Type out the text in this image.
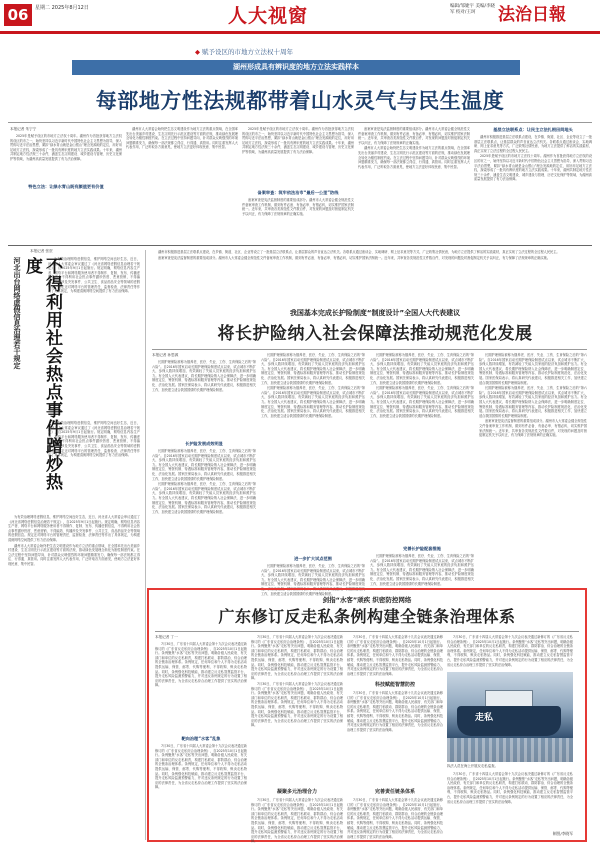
06	星期二 2025年8月12日	人大视窗	编辑/邹婕宇 美编/李晓军 校对/王珂	法治日報
◆ 赋予设区的市地方立法权十周年
湖州形成具有辨识度的地方立法实践样本
每部地方性法规都带着山水灵气与民生温度
本报记者 朱宁宁

2025年是赋予设区的市地方立法权十周年。湖州作为首批获得地方立法权的设区的市之一，始终坚持以习近平新时代中国特色社会主义思想为指导，深入贯彻习近平法治思想，紧扣“绿水青山就是金山银山”理念发源地的定位，用好用足地方立法权，探索形成了一批具有辨识度的地方立法实践成果。十年来，湖州共制定地方性法规三十余件，涵盖生态文明建设、城乡建设与管理、历史文化保护等领域，为湖州高质量发展提供了有力法治保障。

特色立法：让绿水青山既有颜值更有价值

湖州市人大常委会始终把生态文明建设作为地方立法的重点领域，在全国率先出台美丽乡村建设、生态文明先行示范区建设等方面的法规，推动绿色发展理念转化为刚性制度约束。在立法过程中坚持问题导向，针对群众反映强烈的环境问题精准发力，确保每一部法规都立得住、行得通、真管用。同时注重发挥人大代表作用，广泛听取各方面意见，使地方立法更好体现民意、集中民智。

2025年是赋予设区的市地方立法权十周年。湖州作为首批获得地方立法权的设区的市之一，始终坚持以习近平新时代中国特色社会主义思想为指导，深入贯彻习近平法治思想，紧扣“绿水青山就是金山银山”理念发源地的定位，用好用足地方立法权，探索形成了一批具有辨识度的地方立法实践成果。十年来，湖州共制定地方性法规三十余件，涵盖生态文明建设、城乡建设与管理、历史文化保护等领域，为湖州高质量发展提供了有力法治保障。

备案审查：筑牢依法治市“最后一公里”防线

备案审查是宪法监督制度的重要组成部分。湖州市人大常委会健全规范性文件备案审查工作机制，做到有件必备、有备必审、有错必纠，切实维护国家法制统一。近年来，共审查各类规范性文件数百件，对发现的问题及时督促制定机关予以纠正，有力保障了法规规章的正确实施。

备案审查是宪法监督制度的重要组成部分。湖州市人大常委会健全规范性文件备案审查工作机制，做到有件必备、有备必审、有错必纠，切实维护国家法制统一。近年来，共审查各类规范性文件数百件，对发现的问题及时督促制定机关予以纠正，有力保障了法规规章的正确实施。

湖州市人大常委会始终把生态文明建设作为地方立法的重点领域，在全国率先出台美丽乡村建设、生态文明先行示范区建设等方面的法规，推动绿色发展理念转化为刚性制度约束。在立法过程中坚持问题导向，针对群众反映强烈的环境问题精准发力，确保每一部法规都立得住、行得通、真管用。同时注重发挥人大代表作用，广泛听取各方面意见，使地方立法更好体现民意、集中民智。

基层立法联系点：让民主立法扎根田间地头

湖州市积极推进基层立法联系点建设，在乡镇、街道、社区、企业等设立了一批基层立法联系点，让基层群众的声音直达立法机关。各联系点通过座谈会、实地调研、网上征求意见等方式，广泛收集社情民意，为地方立法提供了鲜活的实践素材，真正实现了立法过程的全过程人民民主。

2025年是赋予设区的市地方立法权十周年。湖州作为首批获得地方立法权的设区的市之一，始终坚持以习近平新时代中国特色社会主义思想为指导，深入贯彻习近平法治思想，紧扣“绿水青山就是金山银山”理念发源地的定位，用好用足地方立法权，探索形成了一批具有辨识度的地方立法实践成果。十年来，湖州共制定地方性法规三十余件，涵盖生态文明建设、城乡建设与管理、历史文化保护等领域，为湖州高质量发展提供了有力法治保障。

本报记者 张贺
河北出台网络虚假信息治理若干规定	不得利用社会热点事件蹭炒热度	为有效治理网络虚假信息，维护网络空间良好生态，近日，河北省人大常委会审议通过了《河北省网络虚假信息治理若干规定》，自2025年9月1日起施行。规定明确，网络信息内容生产者、网络平台和网络服务使用者不得制作、复制、发布、传播虚假信息，不得利用社会热点事件蹭炒热度、恶意营销，不得编造、传播涉及突发事件、公共卫生、食品药品安全等领域的虚假信息。规定还对网络平台的管理责任、监督检查、法律责任等作出了具体规定，为构建清朗网络空间提供了有力法治保障。

为有效治理网络虚假信息，维护网络空间良好生态，近日，河北省人大常委会审议通过了《河北省网络虚假信息治理若干规定》，自2025年9月1日起施行。规定明确，网络信息内容生产者、网络平台和网络服务使用者不得制作、复制、发布、传播虚假信息，不得利用社会热点事件蹭炒热度、恶意营销，不得编造、传播涉及突发事件、公共卫生、食品药品安全等领域的虚假信息。规定还对网络平台的管理责任、监督检查、法律责任等作出了具体规定，为构建清朗网络空间提供了有力法治保障。

为有效治理网络虚假信息，维护网络空间良好生态，近日，河北省人大常委会审议通过了《河北省网络虚假信息治理若干规定》，自2025年9月1日起施行。规定明确，网络信息内容生产者、网络平台和网络服务使用者不得制作、复制、发布、传播虚假信息，不得利用社会热点事件蹭炒热度、恶意营销，不得编造、传播涉及突发事件、公共卫生、食品药品安全等领域的虚假信息。规定还对网络平台的管理责任、监督检查、法律责任等作出了具体规定，为构建清朗网络空间提供了有力法治保障。

湖州市人大常委会始终把生态文明建设作为地方立法的重点领域，在全国率先出台美丽乡村建设、生态文明先行示范区建设等方面的法规，推动绿色发展理念转化为刚性制度约束。在立法过程中坚持问题导向，针对群众反映强烈的环境问题精准发力，确保每一部法规都立得住、行得通、真管用。同时注重发挥人大代表作用，广泛听取各方面意见，使地方立法更好体现民意、集中民智。

湖州市积极推进基层立法联系点建设，在乡镇、街道、社区、企业等设立了一批基层立法联系点，让基层群众的声音直达立法机关。各联系点通过座谈会、实地调研、网上征求意见等方式，广泛收集社情民意，为地方立法提供了鲜活的实践素材，真正实现了立法过程的全过程人民民主。

备案审查是宪法监督制度的重要组成部分。湖州市人大常委会健全规范性文件备案审查工作机制，做到有件必备、有备必审、有错必纠，切实维护国家法制统一。近年来，共审查各类规范性文件数百件，对发现的问题及时督促制定机关予以纠正，有力保障了法规规章的正确实施。

我国基本完成长护险制度“制度设计”全国人大代表建议
将长护险纳入社会保障法推动规范化发展
本报记者 孙思源

长期护理保险被称为继养老、医疗、失业、工伤、生育保险之后的“第六险”。自2016年国家启动长期护理保险制度试点以来，试点城市不断扩大，参保人数持续增加，有效减轻了失能人员家庭的经济负担和照护压力。有全国人大代表建议，将长期护理保险纳入社会保障法，进一步明确制度定位、筹资机制、待遇标准和服务管理等内容，推动长护险制度规范化、法治化发展。国家医保局表示，将认真研究代表建议，积极推进相关工作，加快建立适合我国国情的长期护理保险制度。

长护险发展成效明显

长期护理保险被称为继养老、医疗、失业、工伤、生育保险之后的“第六险”。自2016年国家启动长期护理保险制度试点以来，试点城市不断扩大，参保人数持续增加，有效减轻了失能人员家庭的经济负担和照护压力。有全国人大代表建议，将长期护理保险纳入社会保障法，进一步明确制度定位、筹资机制、待遇标准和服务管理等内容，推动长护险制度规范化、法治化发展。国家医保局表示，将认真研究代表建议，积极推进相关工作，加快建立适合我国国情的长期护理保险制度。

长期护理保险被称为继养老、医疗、失业、工伤、生育保险之后的“第六险”。自2016年国家启动长期护理保险制度试点以来，试点城市不断扩大，参保人数持续增加，有效减轻了失能人员家庭的经济负担和照护压力。有全国人大代表建议，将长期护理保险纳入社会保障法，进一步明确制度定位、筹资机制、待遇标准和服务管理等内容，推动长护险制度规范化、法治化发展。国家医保局表示，将认真研究代表建议，积极推进相关工作，加快建立适合我国国情的长期护理保险制度。

长期护理保险被称为继养老、医疗、失业、工伤、生育保险之后的“第六险”。自2016年国家启动长期护理保险制度试点以来，试点城市不断扩大，参保人数持续增加，有效减轻了失能人员家庭的经济负担和照护压力。有全国人大代表建议，将长期护理保险纳入社会保障法，进一步明确制度定位、筹资机制、待遇标准和服务管理等内容，推动长护险制度规范化、法治化发展。国家医保局表示，将认真研究代表建议，积极推进相关工作，加快建立适合我国国情的长期护理保险制度。

长期护理保险被称为继养老、医疗、失业、工伤、生育保险之后的“第六险”。自2016年国家启动长期护理保险制度试点以来，试点城市不断扩大，参保人数持续增加，有效减轻了失能人员家庭的经济负担和照护压力。有全国人大代表建议，将长期护理保险纳入社会保障法，进一步明确制度定位、筹资机制、待遇标准和服务管理等内容，推动长护险制度规范化、法治化发展。国家医保局表示，将认真研究代表建议，积极推进相关工作，加快建立适合我国国情的长期护理保险制度。

进一步扩大试点范围

长期护理保险被称为继养老、医疗、失业、工伤、生育保险之后的“第六险”。自2016年国家启动长期护理保险制度试点以来，试点城市不断扩大，参保人数持续增加，有效减轻了失能人员家庭的经济负担和照护压力。有全国人大代表建议，将长期护理保险纳入社会保障法，进一步明确制度定位、筹资机制、待遇标准和服务管理等内容，推动长护险制度规范化、法治化发展。国家医保局表示，将认真研究代表建议，积极推进相关工作，加快建立适合我国国情的长期护理保险制度。

长期护理保险被称为继养老、医疗、失业、工伤、生育保险之后的“第六险”。自2016年国家启动长期护理保险制度试点以来，试点城市不断扩大，参保人数持续增加，有效减轻了失能人员家庭的经济负担和照护压力。有全国人大代表建议，将长期护理保险纳入社会保障法，进一步明确制度定位、筹资机制、待遇标准和服务管理等内容，推动长护险制度规范化、法治化发展。国家医保局表示，将认真研究代表建议，积极推进相关工作，加快建立适合我国国情的长期护理保险制度。

长期护理保险被称为继养老、医疗、失业、工伤、生育保险之后的“第六险”。自2016年国家启动长期护理保险制度试点以来，试点城市不断扩大，参保人数持续增加，有效减轻了失能人员家庭的经济负担和照护压力。有全国人大代表建议，将长期护理保险纳入社会保障法，进一步明确制度定位、筹资机制、待遇标准和服务管理等内容，推动长护险制度规范化、法治化发展。国家医保局表示，将认真研究代表建议，积极推进相关工作，加快建立适合我国国情的长期护理保险制度。

完善长护险配套措施

长期护理保险被称为继养老、医疗、失业、工伤、生育保险之后的“第六险”。自2016年国家启动长期护理保险制度试点以来，试点城市不断扩大，参保人数持续增加，有效减轻了失能人员家庭的经济负担和照护压力。有全国人大代表建议，将长期护理保险纳入社会保障法，进一步明确制度定位、筹资机制、待遇标准和服务管理等内容，推动长护险制度规范化、法治化发展。国家医保局表示，将认真研究代表建议，积极推进相关工作，加快建立适合我国国情的长期护理保险制度。

长期护理保险被称为继养老、医疗、失业、工伤、生育保险之后的“第六险”。自2016年国家启动长期护理保险制度试点以来，试点城市不断扩大，参保人数持续增加，有效减轻了失能人员家庭的经济负担和照护压力。有全国人大代表建议，将长期护理保险纳入社会保障法，进一步明确制度定位、筹资机制、待遇标准和服务管理等内容，推动长护险制度规范化、法治化发展。国家医保局表示，将认真研究代表建议，积极推进相关工作，加快建立适合我国国情的长期护理保险制度。

长期护理保险被称为继养老、医疗、失业、工伤、生育保险之后的“第六险”。自2016年国家启动长期护理保险制度试点以来，试点城市不断扩大，参保人数持续增加，有效减轻了失能人员家庭的经济负担和照护压力。有全国人大代表建议，将长期护理保险纳入社会保障法，进一步明确制度定位、筹资机制、待遇标准和服务管理等内容，推动长护险制度规范化、法治化发展。国家医保局表示，将认真研究代表建议，积极推进相关工作，加快建立适合我国国情的长期护理保险制度。

备案审查是宪法监督制度的重要组成部分。湖州市人大常委会健全规范性文件备案审查工作机制，做到有件必备、有备必审、有错必纠，切实维护国家法制统一。近年来，共审查各类规范性文件数百件，对发现的问题及时督促制定机关予以纠正，有力保障了法规规章的正确实施。

剑指“水客”顽疾 织密防控网络
广东修订反走私条例构建全链条治理体系
本报记者 丁一

7月30日，广东省十四届人大常委会第十九次会议表决通过新修订的《广东省反走私综合治理条例》，自2025年10月1日起施行。条例聚焦“水客”走私等突出问题，明确各级人民政府、有关部门和单位的反走私职责，构建打私联动、群防群治、综合治理的全链条治理体系。条例规定，任何单位和个人不得为走私活动提供运输、保管、邮寄、代购等便利，不得收购、贩卖走私物品。同时，条例强化科技赋能，推动建立反走私智慧监管平台，提升走私风险监测预警能力，并对违反条例规定的行为设置了相应的法律责任，为全省反走私综合治理工作提供了坚实的法治保障。

靶向治理“水客”乱象

7月30日，广东省十四届人大常委会第十九次会议表决通过新修订的《广东省反走私综合治理条例》，自2025年10月1日起施行。条例聚焦“水客”走私等突出问题，明确各级人民政府、有关部门和单位的反走私职责，构建打私联动、群防群治、综合治理的全链条治理体系。条例规定，任何单位和个人不得为走私活动提供运输、保管、邮寄、代购等便利，不得收购、贩卖走私物品。同时，条例强化科技赋能，推动建立反走私智慧监管平台，提升走私风险监测预警能力，并对违反条例规定的行为设置了相应的法律责任，为全省反走私综合治理工作提供了坚实的法治保障。

7月30日，广东省十四届人大常委会第十九次会议表决通过新修订的《广东省反走私综合治理条例》，自2025年10月1日起施行。条例聚焦“水客”走私等突出问题，明确各级人民政府、有关部门和单位的反走私职责，构建打私联动、群防群治、综合治理的全链条治理体系。条例规定，任何单位和个人不得为走私活动提供运输、保管、邮寄、代购等便利，不得收购、贩卖走私物品。同时，条例强化科技赋能，推动建立反走私智慧监管平台，提升走私风险监测预警能力，并对违反条例规定的行为设置了相应的法律责任，为全省反走私综合治理工作提供了坚实的法治保障。

7月30日，广东省十四届人大常委会第十九次会议表决通过新修订的《广东省反走私综合治理条例》，自2025年10月1日起施行。条例聚焦“水客”走私等突出问题，明确各级人民政府、有关部门和单位的反走私职责，构建打私联动、群防群治、综合治理的全链条治理体系。条例规定，任何单位和个人不得为走私活动提供运输、保管、邮寄、代购等便利，不得收购、贩卖走私物品。同时，条例强化科技赋能，推动建立反走私智慧监管平台，提升走私风险监测预警能力，并对违反条例规定的行为设置了相应的法律责任，为全省反走私综合治理工作提供了坚实的法治保障。

凝聚多元治理合力

7月30日，广东省十四届人大常委会第十九次会议表决通过新修订的《广东省反走私综合治理条例》，自2025年10月1日起施行。条例聚焦“水客”走私等突出问题，明确各级人民政府、有关部门和单位的反走私职责，构建打私联动、群防群治、综合治理的全链条治理体系。条例规定，任何单位和个人不得为走私活动提供运输、保管、邮寄、代购等便利，不得收购、贩卖走私物品。同时，条例强化科技赋能，推动建立反走私智慧监管平台，提升走私风险监测预警能力，并对违反条例规定的行为设置了相应的法律责任，为全省反走私综合治理工作提供了坚实的法治保障。

7月30日，广东省十四届人大常委会第十九次会议表决通过新修订的《广东省反走私综合治理条例》，自2025年10月1日起施行。条例聚焦“水客”走私等突出问题，明确各级人民政府、有关部门和单位的反走私职责，构建打私联动、群防群治、综合治理的全链条治理体系。条例规定，任何单位和个人不得为走私活动提供运输、保管、邮寄、代购等便利，不得收购、贩卖走私物品。同时，条例强化科技赋能，推动建立反走私智慧监管平台，提升走私风险监测预警能力，并对违反条例规定的行为设置了相应的法律责任，为全省反走私综合治理工作提供了坚实的法治保障。

科技赋能智慧防控

7月30日，广东省十四届人大常委会第十九次会议表决通过新修订的《广东省反走私综合治理条例》，自2025年10月1日起施行。条例聚焦“水客”走私等突出问题，明确各级人民政府、有关部门和单位的反走私职责，构建打私联动、群防群治、综合治理的全链条治理体系。条例规定，任何单位和个人不得为走私活动提供运输、保管、邮寄、代购等便利，不得收购、贩卖走私物品。同时，条例强化科技赋能，推动建立反走私智慧监管平台，提升走私风险监测预警能力，并对违反条例规定的行为设置了相应的法律责任，为全省反走私综合治理工作提供了坚实的法治保障。

完善责任链条体系

7月30日，广东省十四届人大常委会第十九次会议表决通过新修订的《广东省反走私综合治理条例》，自2025年10月1日起施行。条例聚焦“水客”走私等突出问题，明确各级人民政府、有关部门和单位的反走私职责，构建打私联动、群防群治、综合治理的全链条治理体系。条例规定，任何单位和个人不得为走私活动提供运输、保管、邮寄、代购等便利，不得收购、贩卖走私物品。同时，条例强化科技赋能，推动建立反走私智慧监管平台，提升走私风险监测预警能力，并对违反条例规定的行为设置了相应的法律责任，为全省反走私综合治理工作提供了坚实的法治保障。

7月30日，广东省十四届人大常委会第十九次会议表决通过新修订的《广东省反走私综合治理条例》，自2025年10月1日起施行。条例聚焦“水客”走私等突出问题，明确各级人民政府、有关部门和单位的反走私职责，构建打私联动、群防群治、综合治理的全链条治理体系。条例规定，任何单位和个人不得为走私活动提供运输、保管、邮寄、代购等便利，不得收购、贩卖走私物品。同时，条例强化科技赋能，推动建立反走私智慧监管平台，提升走私风险监测预警能力，并对违反条例规定的行为设置了相应的法律责任，为全省反走私综合治理工作提供了坚实的法治保障。

走私
执法人员在海上开展反走私巡查。

7月30日，广东省十四届人大常委会第十九次会议表决通过新修订的《广东省反走私综合治理条例》，自2025年10月1日起施行。条例聚焦“水客”走私等突出问题，明确各级人民政府、有关部门和单位的反走私职责，构建打私联动、群防群治、综合治理的全链条治理体系。条例规定，任何单位和个人不得为走私活动提供运输、保管、邮寄、代购等便利，不得收购、贩卖走私物品。同时，条例强化科技赋能，推动建立反走私智慧监管平台，提升走私风险监测预警能力，并对违反条例规定的行为设置了相应的法律责任，为全省反走私综合治理工作提供了坚实的法治保障。

制图/李晓军
